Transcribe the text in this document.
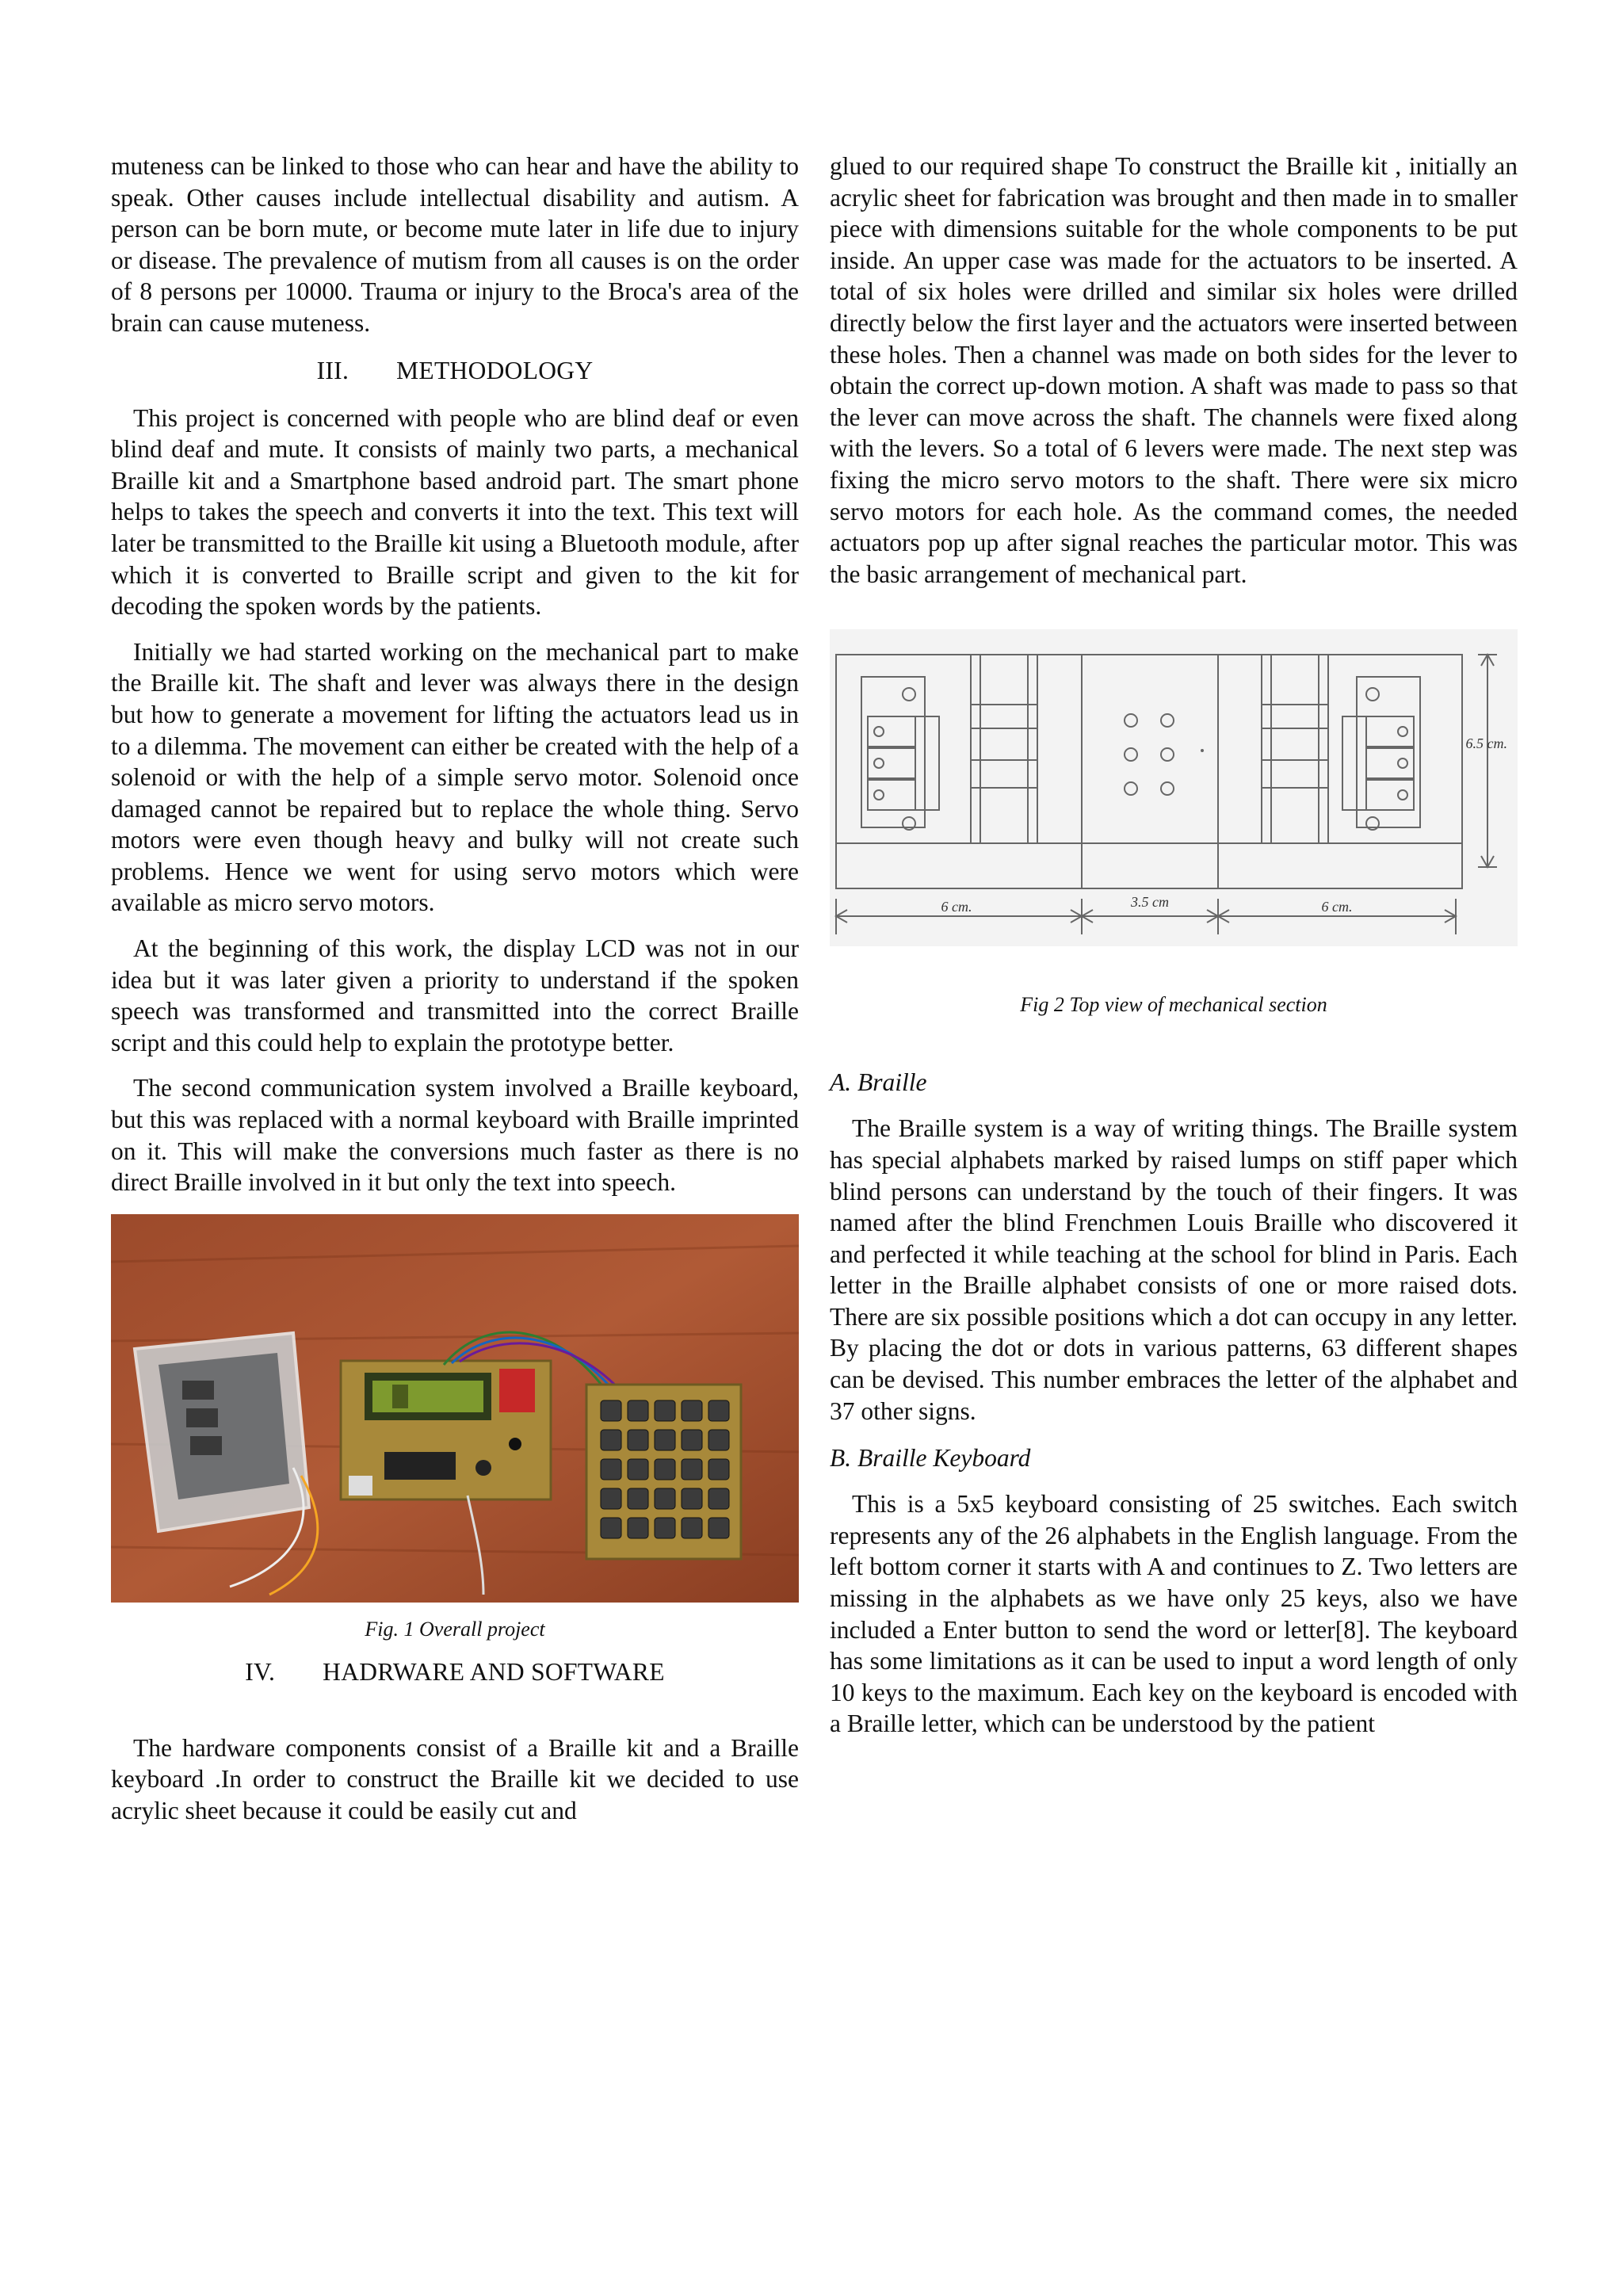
muteness can be linked to those who can hear and have the ability to speak. Other causes include intellectual disability and autism. A person can be born mute, or become mute later in life due to injury or disease. The prevalence of mutism from all causes is on the order of 8 persons per 10000. Trauma or injury to the Broca's area of the brain can cause muteness.

III. METHODOLOGY

This project is concerned with people who are blind deaf or even blind deaf and mute. It consists of mainly two parts, a mechanical Braille kit and a Smartphone based android part. The smart phone helps to takes the speech and converts it into the text. This text will later be transmitted to the Braille kit using a Bluetooth module, after which it is converted to Braille script and given to the kit for decoding the spoken words by the patients.

Initially we had started working on the mechanical part to make the Braille kit. The shaft and lever was always there in the design but how to generate a movement for lifting the actuators lead us in to a dilemma. The movement can either be created with the help of a solenoid or with the help of a simple servo motor. Solenoid once damaged cannot be repaired but to replace the whole thing. Servo motors were even though heavy and bulky will not create such problems. Hence we went for using servo motors which were available as micro servo motors.

At the beginning of this work, the display LCD was not in our idea but it was later given a priority to understand if the spoken speech was transformed and transmitted into the correct Braille script and this could help to explain the prototype better.

The second communication system involved a Braille keyboard, but this was replaced with a normal keyboard with Braille imprinted on it. This will make the conversions much faster as there is no direct Braille involved in it but only the text into speech.

Fig. 1 Overall project

IV. HADRWARE AND SOFTWARE

The hardware components consist of a Braille kit and a Braille keyboard .In order to construct the Braille kit we decided to use acrylic sheet because it could be easily cut and

glued to our required shape To construct the Braille kit , initially an acrylic sheet for fabrication was brought and then made in to smaller piece with dimensions suitable for the whole components to be put inside. An upper case was made for the actuators to be inserted. A total of six holes were drilled and similar six holes were drilled directly below the first layer and the actuators were inserted between these holes. Then a channel was made on both sides for the lever to obtain the correct up-down motion. A shaft was made to pass so that the lever can move across the shaft. The channels were fixed along with the levers. So a total of 6 levers were made. The next step was fixing the micro servo motors to the shaft. There were six micro servo motors for each hole. As the command comes, the needed actuators pop up after signal reaches the particular motor. This was the basic arrangement of mechanical part.

6.5 cm.
6 cm.	3.5 cm	6 cm.

Fig 2 Top view of mechanical section

A. Braille

The Braille system is a way of writing things. The Braille system has special alphabets marked by raised lumps on stiff paper which blind persons can understand by the touch of their fingers. It was named after the blind Frenchmen Louis Braille who discovered it and perfected it while teaching at the school for blind in Paris. Each letter in the Braille alphabet consists of one or more raised dots. There are six possible positions which a dot can occupy in any letter. By placing the dot or dots in various patterns, 63 different shapes can be devised. This number embraces the letter of the alphabet and 37 other signs.

B. Braille Keyboard

This is a 5x5 keyboard consisting of 25 switches. Each switch represents any of the 26 alphabets in the English language. From the left bottom corner it starts with A and continues to Z. Two letters are missing in the alphabets as we have only 25 keys, also we have included a Enter button to send the word or letter[8]. The keyboard has some limitations as it can be used to input a word length of only 10 keys to the maximum. Each key on the keyboard is encoded with a Braille letter, which can be understood by the patient
